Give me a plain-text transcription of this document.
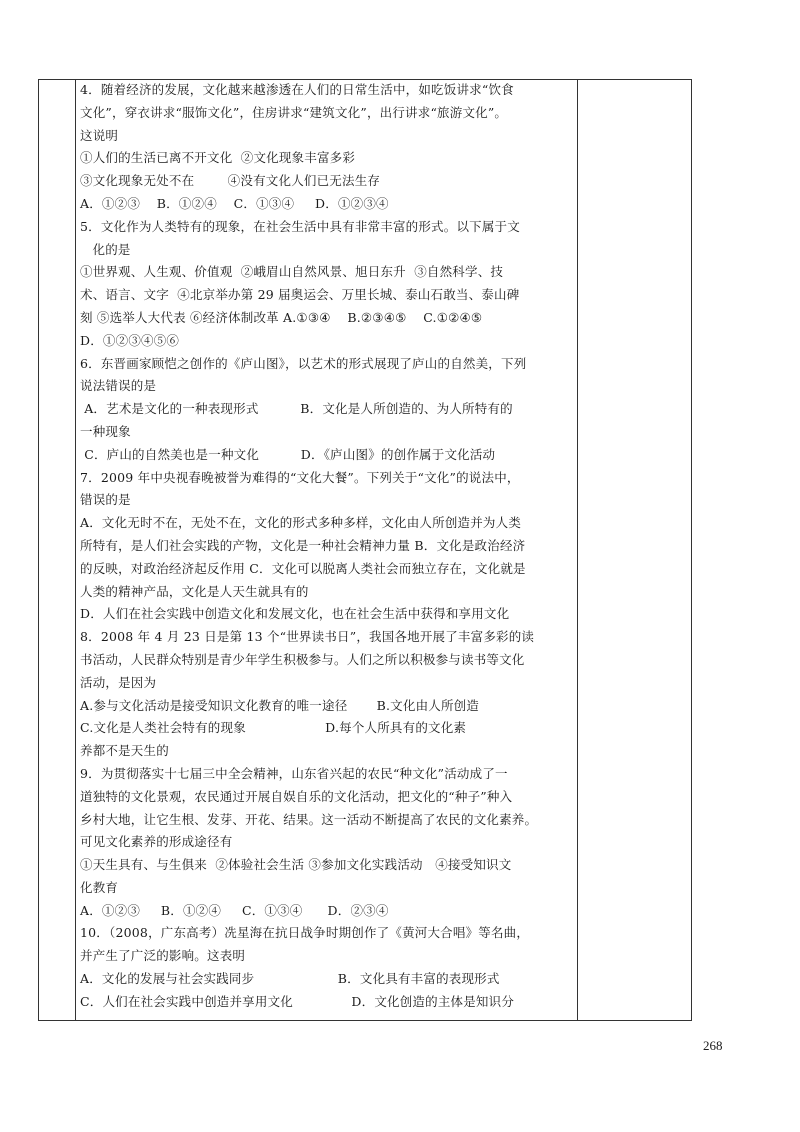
4．随着经济的发展，文化越来越渗透在人们的日常生活中，如吃饭讲求“饮食

文化”，穿衣讲求“服饰文化”，住房讲求“建筑文化”，出行讲求“旅游文化”。

这说明

①人们的生活已离不开文化  ②文化现象丰富多彩

③文化现象无处不在        ④没有文化人们已无法生存

A．①②③    B．①②④    C．①③④     D．①②③④

5．文化作为人类特有的现象，在社会生活中具有非常丰富的形式。以下属于文

化的是

①世界观、人生观、价值观  ②峨眉山自然风景、旭日东升  ③自然科学、技

术、语言、文字  ④北京举办第 29 届奥运会、万里长城、泰山石敢当、泰山碑

刻 ⑤选举人大代表 ⑥经济体制改革 A.①③④    B.②③④⑤    C.①②④⑤

D．①②③④⑤⑥

6．东晋画家顾恺之创作的《庐山图》，以艺术的形式展现了庐山的自然美，下列

说法错误的是

A．艺术是文化的一种表现形式          B．文化是人所创造的、为人所特有的

一种现象

C．庐山的自然美也是一种文化          D．《庐山图》的创作属于文化活动

7．2009 年中央视春晚被誉为难得的“文化大餐”。下列关于“文化”的说法中，

错误的是

A．文化无时不在，无处不在，文化的形式多种多样，文化由人所创造并为人类

所特有，是人们社会实践的产物，文化是一种社会精神力量 B．文化是政治经济

的反映，对政治经济起反作用 C．文化可以脱离人类社会而独立存在，文化就是

人类的精神产品，文化是人天生就具有的

D．人们在社会实践中创造文化和发展文化，也在社会生活中获得和享用文化

8．2008 年 4 月 23 日是第 13 个“世界读书日”，我国各地开展了丰富多彩的读

书活动，人民群众特别是青少年学生积极参与。人们之所以积极参与读书等文化

活动，是因为

A.参与文化活动是接受知识文化教育的唯一途径       B.文化由人所创造

C.文化是人类社会特有的现象                   D.每个人所具有的文化素

养都不是天生的

9．为贯彻落实十七届三中全会精神，山东省兴起的农民“种文化”活动成了一

道独特的文化景观，农民通过开展自娱自乐的文化活动，把文化的“种子”种入

乡村大地，让它生根、发芽、开花、结果。这一活动不断提高了农民的文化素养。

可见文化素养的形成途径有

①天生具有、与生俱来  ②体验社会生活 ③参加文化实践活动   ④接受知识文

化教育

A．①②③     B．①②④     C．①③④      D．②③④

10．（2008，广东高考）冼星海在抗日战争时期创作了《黄河大合唱》等名曲，

并产生了广泛的影响。这表明

A．文化的发展与社会实践同步                    B．文化具有丰富的表现形式

C．人们在社会实践中创造并享用文化              D．文化创造的主体是知识分

268
